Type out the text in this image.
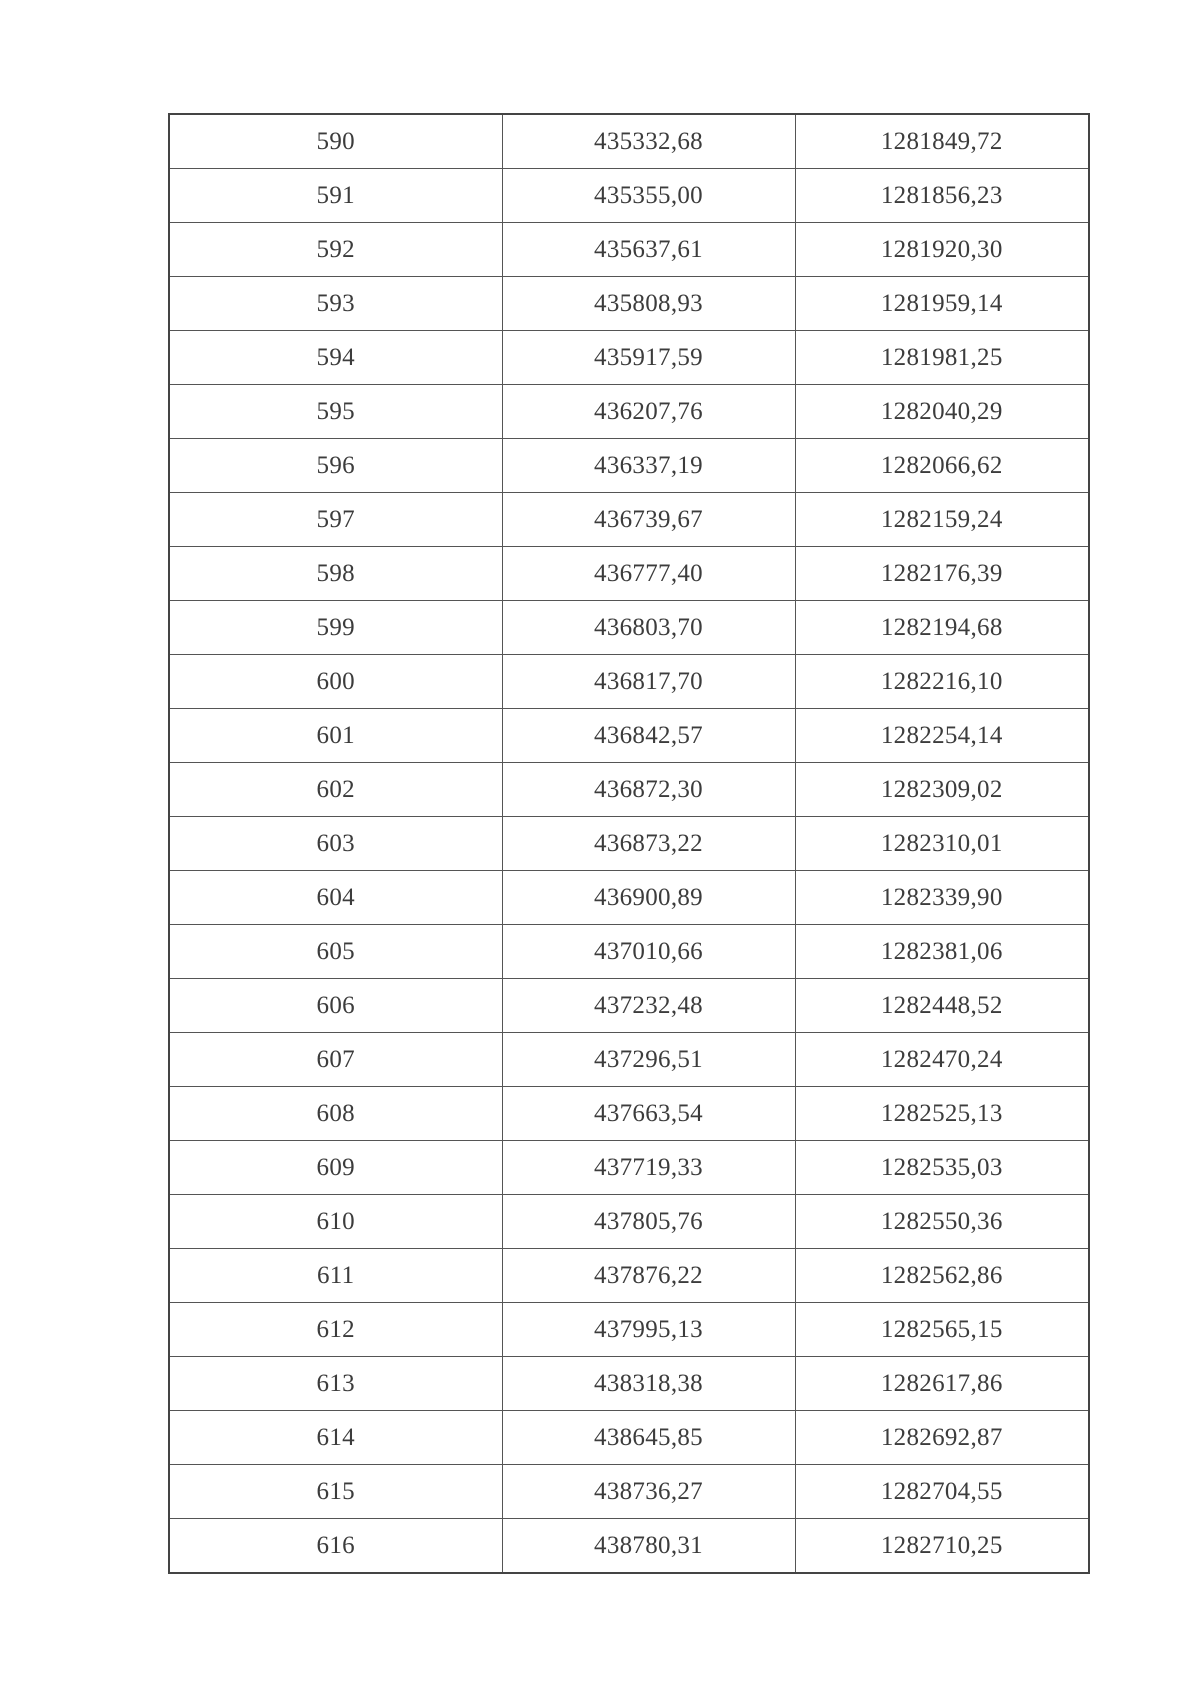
590	435332,68	1281849,72
591	435355,00	1281856,23
592	435637,61	1281920,30
593	435808,93	1281959,14
594	435917,59	1281981,25
595	436207,76	1282040,29
596	436337,19	1282066,62
597	436739,67	1282159,24
598	436777,40	1282176,39
599	436803,70	1282194,68
600	436817,70	1282216,10
601	436842,57	1282254,14
602	436872,30	1282309,02
603	436873,22	1282310,01
604	436900,89	1282339,90
605	437010,66	1282381,06
606	437232,48	1282448,52
607	437296,51	1282470,24
608	437663,54	1282525,13
609	437719,33	1282535,03
610	437805,76	1282550,36
611	437876,22	1282562,86
612	437995,13	1282565,15
613	438318,38	1282617,86
614	438645,85	1282692,87
615	438736,27	1282704,55
616	438780,31	1282710,25
